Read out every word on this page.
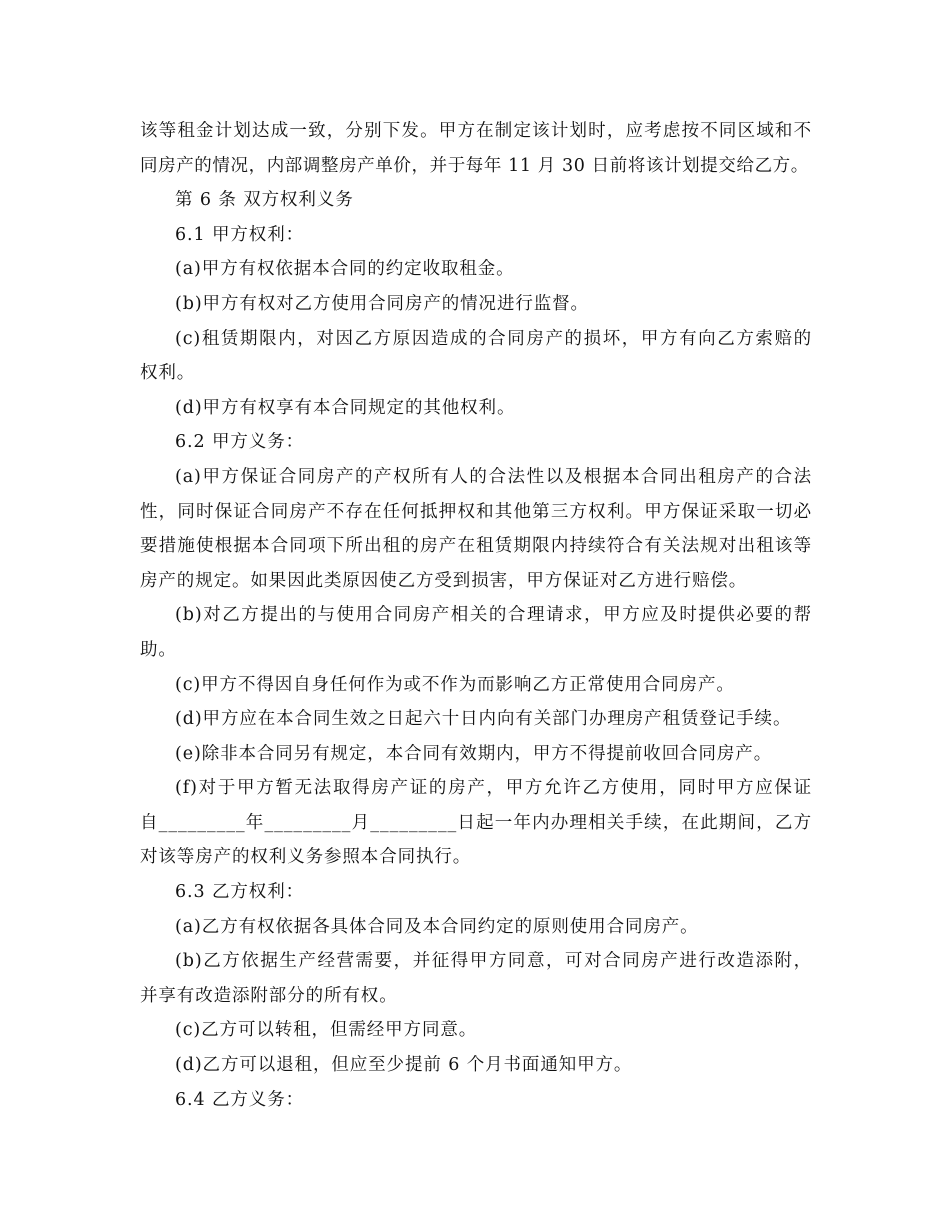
该等租金计划达成一致，分别下发。甲方在制定该计划时，应考虑按不同区域和不

同房产的情况，内部调整房产单价，并于每年 11 月 30 日前将该计划提交给乙方。

第 6 条 双方权利义务

6.1 甲方权利：

(a)甲方有权依据本合同的约定收取租金。

(b)甲方有权对乙方使用合同房产的情况进行监督。

(c)租赁期限内，对因乙方原因造成的合同房产的损坏，甲方有向乙方索赔的

权利。

(d)甲方有权享有本合同规定的其他权利。

6.2 甲方义务：

(a)甲方保证合同房产的产权所有人的合法性以及根据本合同出租房产的合法

性，同时保证合同房产不存在任何抵押权和其他第三方权利。甲方保证采取一切必

要措施使根据本合同项下所出租的房产在租赁期限内持续符合有关法规对出租该等

房产的规定。如果因此类原因使乙方受到损害，甲方保证对乙方进行赔偿。

(b)对乙方提出的与使用合同房产相关的合理请求，甲方应及时提供必要的帮

助。

(c)甲方不得因自身任何作为或不作为而影响乙方正常使用合同房产。

(d)甲方应在本合同生效之日起六十日内向有关部门办理房产租赁登记手续。

(e)除非本合同另有规定，本合同有效期内，甲方不得提前收回合同房产。

(f)对于甲方暂无法取得房产证的房产，甲方允许乙方使用，同时甲方应保证

自_________年_________月_________日起一年内办理相关手续，在此期间，乙方

对该等房产的权利义务参照本合同执行。

6.3 乙方权利：

(a)乙方有权依据各具体合同及本合同约定的原则使用合同房产。

(b)乙方依据生产经营需要，并征得甲方同意，可对合同房产进行改造添附，

并享有改造添附部分的所有权。

(c)乙方可以转租，但需经甲方同意。

(d)乙方可以退租，但应至少提前 6 个月书面通知甲方。

6.4 乙方义务：
